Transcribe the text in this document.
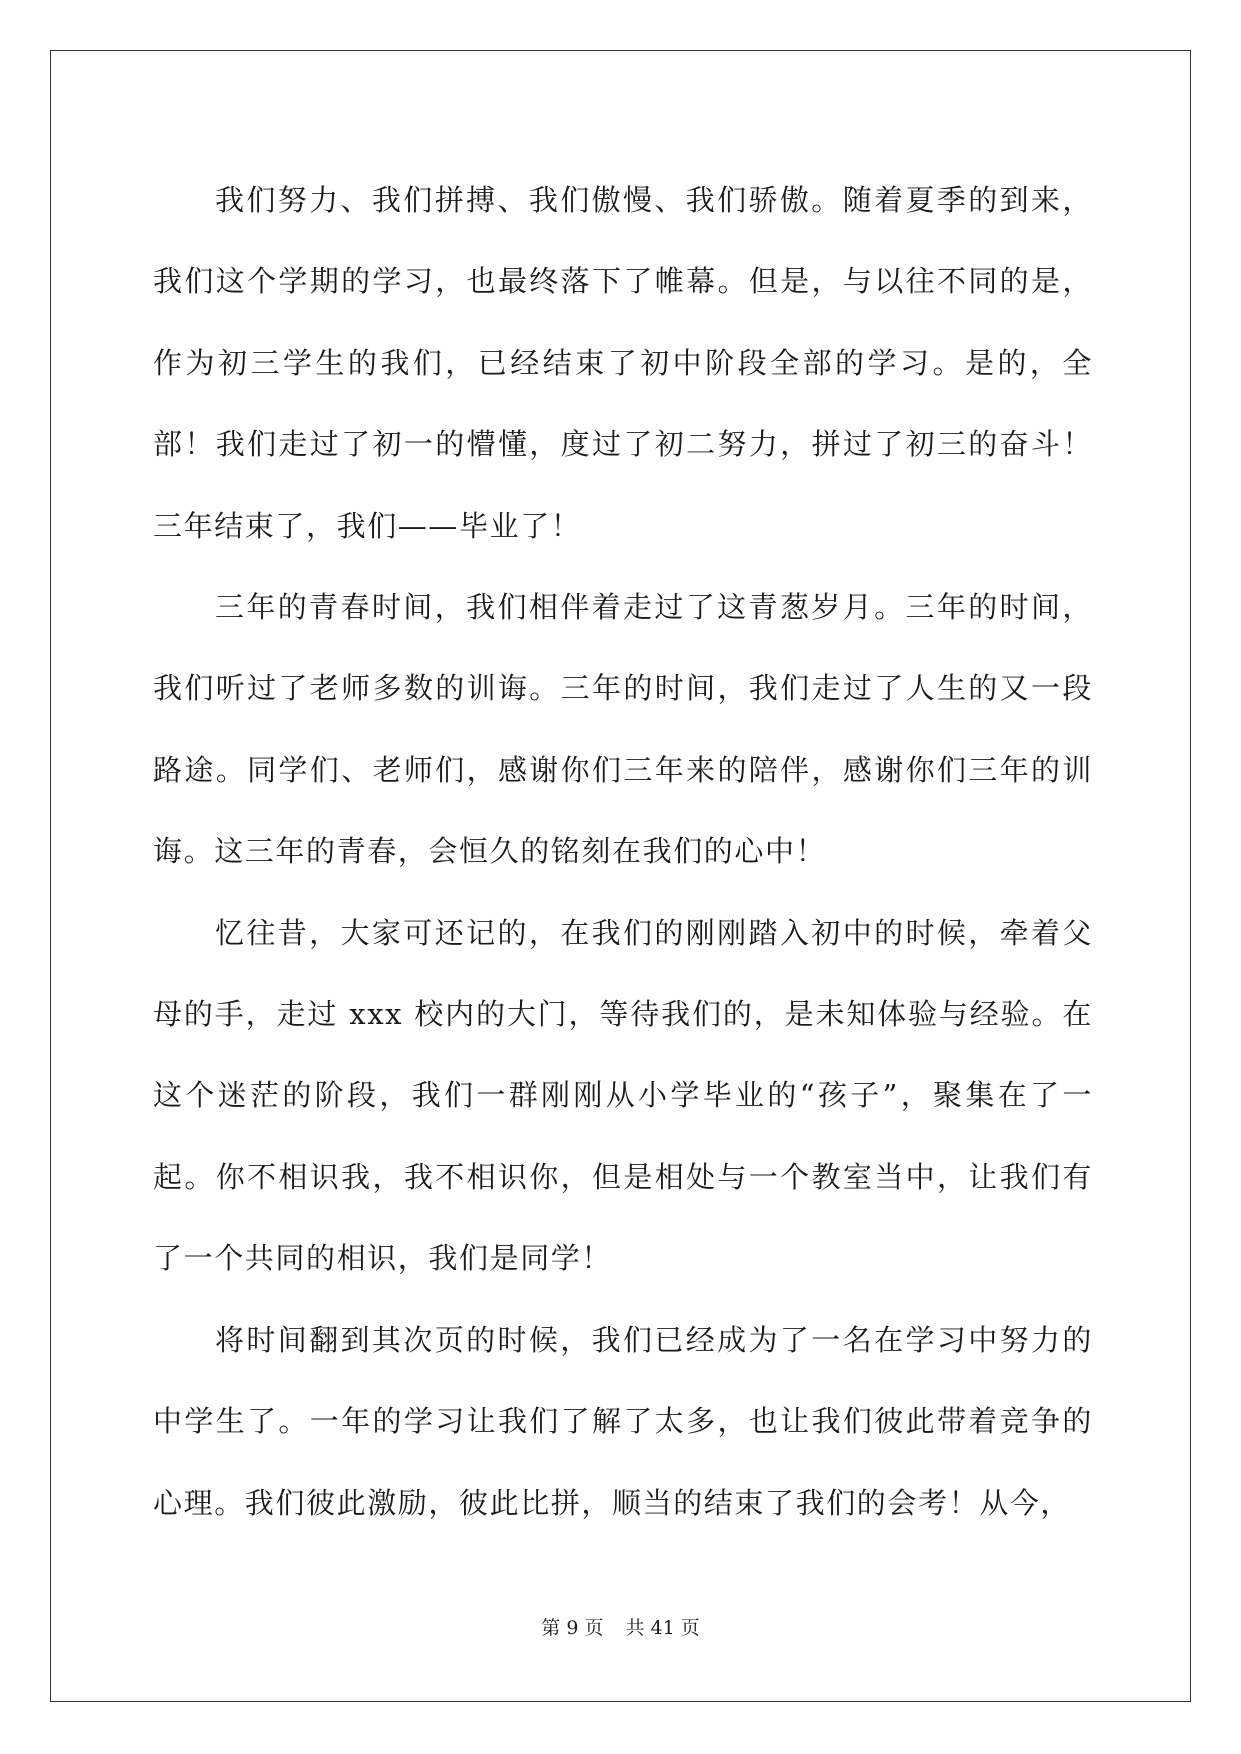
我们努力、我们拼搏、我们傲慢、我们骄傲。随着夏季的到来，我们这个学期的学习，也最终落下了帷幕。但是，与以往不同的是，作为初三学生的我们，已经结束了初中阶段全部的学习。是的，全部！我们走过了初一的懵懂，度过了初二努力，拼过了初三的奋斗！三年结束了，我们——毕业了！

三年的青春时间，我们相伴着走过了这青葱岁月。三年的时间，我们听过了老师多数的训诲。三年的时间，我们走过了人生的又一段路途。同学们、老师们，感谢你们三年来的陪伴，感谢你们三年的训诲。这三年的青春，会恒久的铭刻在我们的心中！

忆往昔，大家可还记的，在我们的刚刚踏入初中的时候，牵着父母的手，走过 xxx 校内的大门，等待我们的，是未知体验与经验。在这个迷茫的阶段，我们一群刚刚从小学毕业的“孩子”，聚集在了一起。你不相识我，我不相识你，但是相处与一个教室当中，让我们有了一个共同的相识，我们是同学！

将时间翻到其次页的时候，我们已经成为了一名在学习中努力的中学生了。一年的学习让我们了解了太多，也让我们彼此带着竞争的心理。我们彼此激励，彼此比拼，顺当的结束了我们的会考！从今，

第 9 页 共 41 页
